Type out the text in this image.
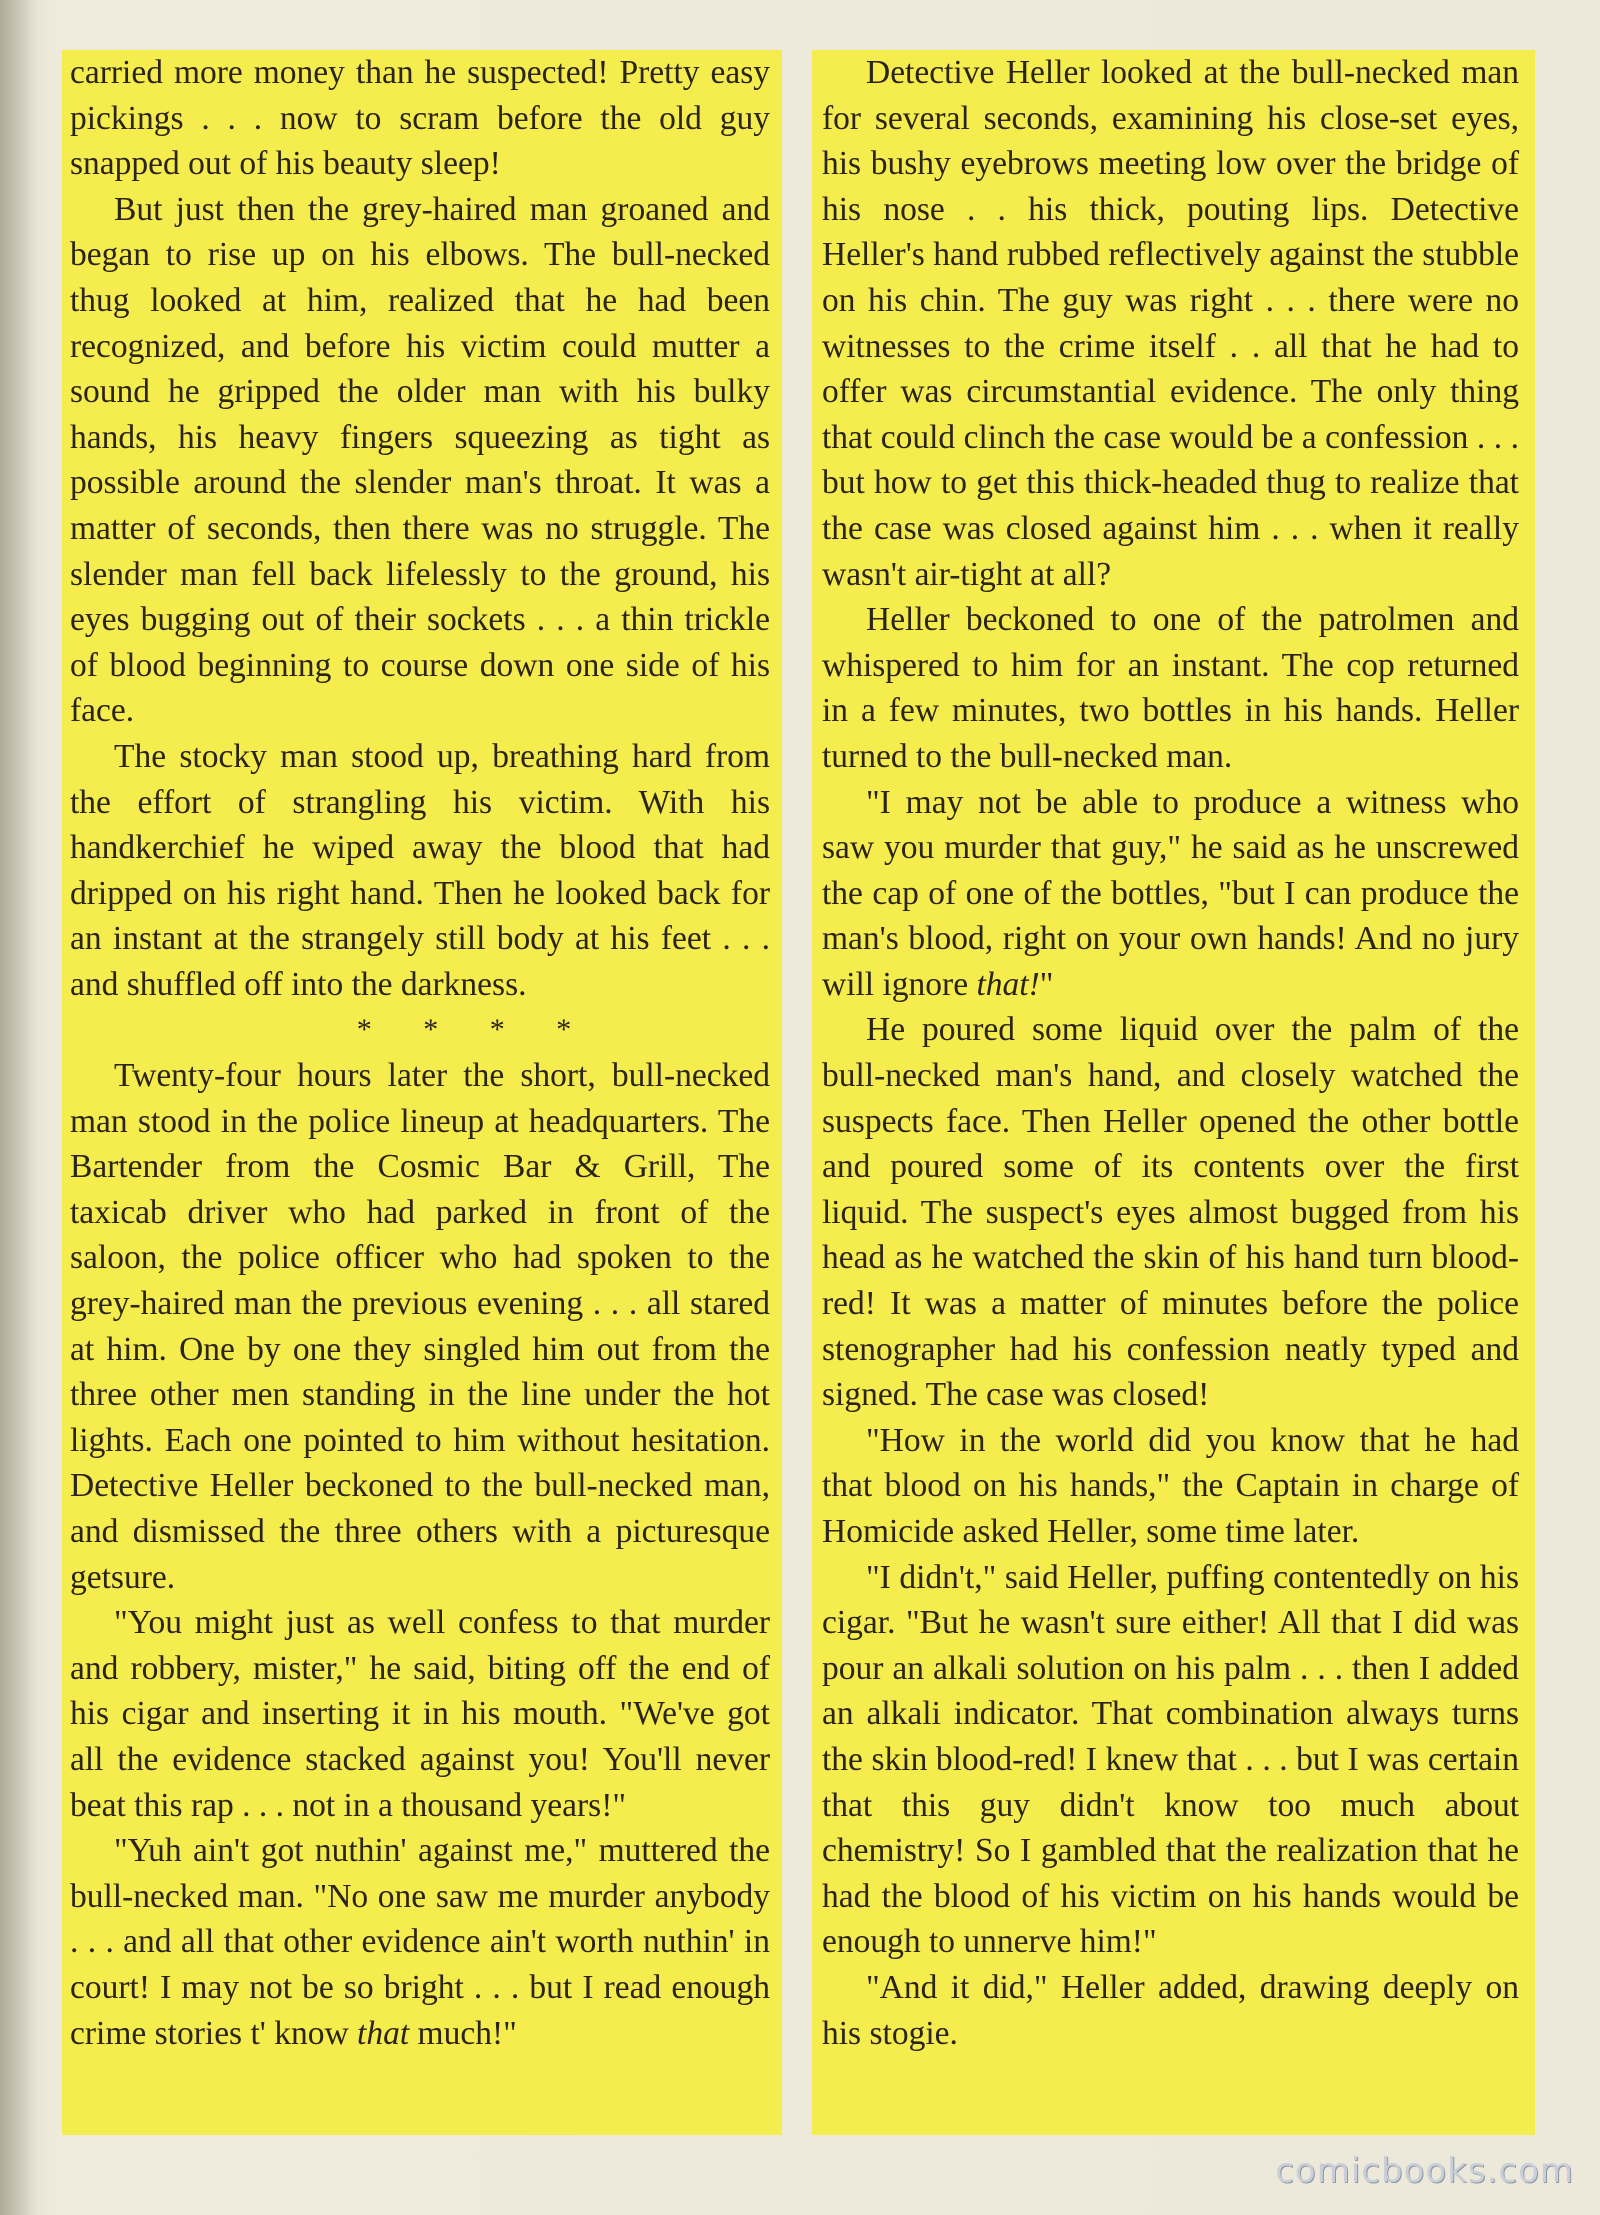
carried more money than he suspected! Pretty easy pickings . . . now to scram before the old guy snapped out of his beauty sleep!

But just then the grey-haired man groaned and began to rise up on his elbows. The bull-necked thug looked at him, realized that he had been recognized, and before his victim could mutter a sound he gripped the older man with his bulky hands, his heavy fingers squeezing as tight as possible around the slender man's throat. It was a matter of seconds, then there was no struggle. The slender man fell back lifelessly to the ground, his eyes bugging out of their sockets . . . a thin trickle of blood beginning to course down one side of his face.

The stocky man stood up, breathing hard from the effort of strangling his victim. With his handkerchief he wiped away the blood that had dripped on his right hand. Then he looked back for an instant at the strangely still body at his feet . . . and shuffled off into the darkness.

* * * *

Twenty-four hours later the short, bull-necked man stood in the police lineup at headquarters. The Bartender from the Cosmic Bar & Grill, The taxicab driver who had parked in front of the saloon, the police officer who had spoken to the grey-haired man the previous evening . . . all stared at him. One by one they singled him out from the three other men standing in the line under the hot lights. Each one pointed to him without hesitation. Detective Heller beckoned to the bull-necked man, and dismissed the three others with a picturesque getsure.

"You might just as well confess to that murder and robbery, mister," he said, biting off the end of his cigar and inserting it in his mouth. "We've got all the evidence stacked against you! You'll never beat this rap . . . not in a thousand years!"

"Yuh ain't got nuthin' against me," muttered the bull-necked man. "No one saw me murder anybody . . . and all that other evidence ain't worth nuthin' in court! I may not be so bright . . . but I read enough crime stories t' know that much!"

Detective Heller looked at the bull-necked man for several seconds, examining his close-set eyes, his bushy eyebrows meeting low over the bridge of his nose . . his thick, pouting lips. Detective Heller's hand rubbed reflectively against the stubble on his chin. The guy was right . . . there were no witnesses to the crime itself . . all that he had to offer was circumstantial evidence. The only thing that could clinch the case would be a confession . . . but how to get this thick-headed thug to realize that the case was closed against him . . . when it really wasn't air-tight at all?

Heller beckoned to one of the patrolmen and whispered to him for an instant. The cop returned in a few minutes, two bottles in his hands. Heller turned to the bull-necked man.

"I may not be able to produce a witness who saw you murder that guy," he said as he unscrewed the cap of one of the bottles, "but I can produce the man's blood, right on your own hands! And no jury will ignore that!"

He poured some liquid over the palm of the bull-necked man's hand, and closely watched the suspects face. Then Heller opened the other bottle and poured some of its contents over the first liquid. The suspect's eyes almost bugged from his head as he watched the skin of his hand turn blood-red! It was a matter of minutes before the police stenographer had his confession neatly typed and signed. The case was closed!

"How in the world did you know that he had that blood on his hands," the Captain in charge of Homicide asked Heller, some time later.

"I didn't," said Heller, puffing contentedly on his cigar. "But he wasn't sure either! All that I did was pour an alkali solution on his palm . . . then I added an alkali indicator. That combination always turns the skin blood-red! I knew that . . . but I was certain that this guy didn't know too much about chemistry! So I gambled that the realization that he had the blood of his victim on his hands would be enough to unnerve him!"

"And it did," Heller added, drawing deeply on his stogie.

comicbooks.com
